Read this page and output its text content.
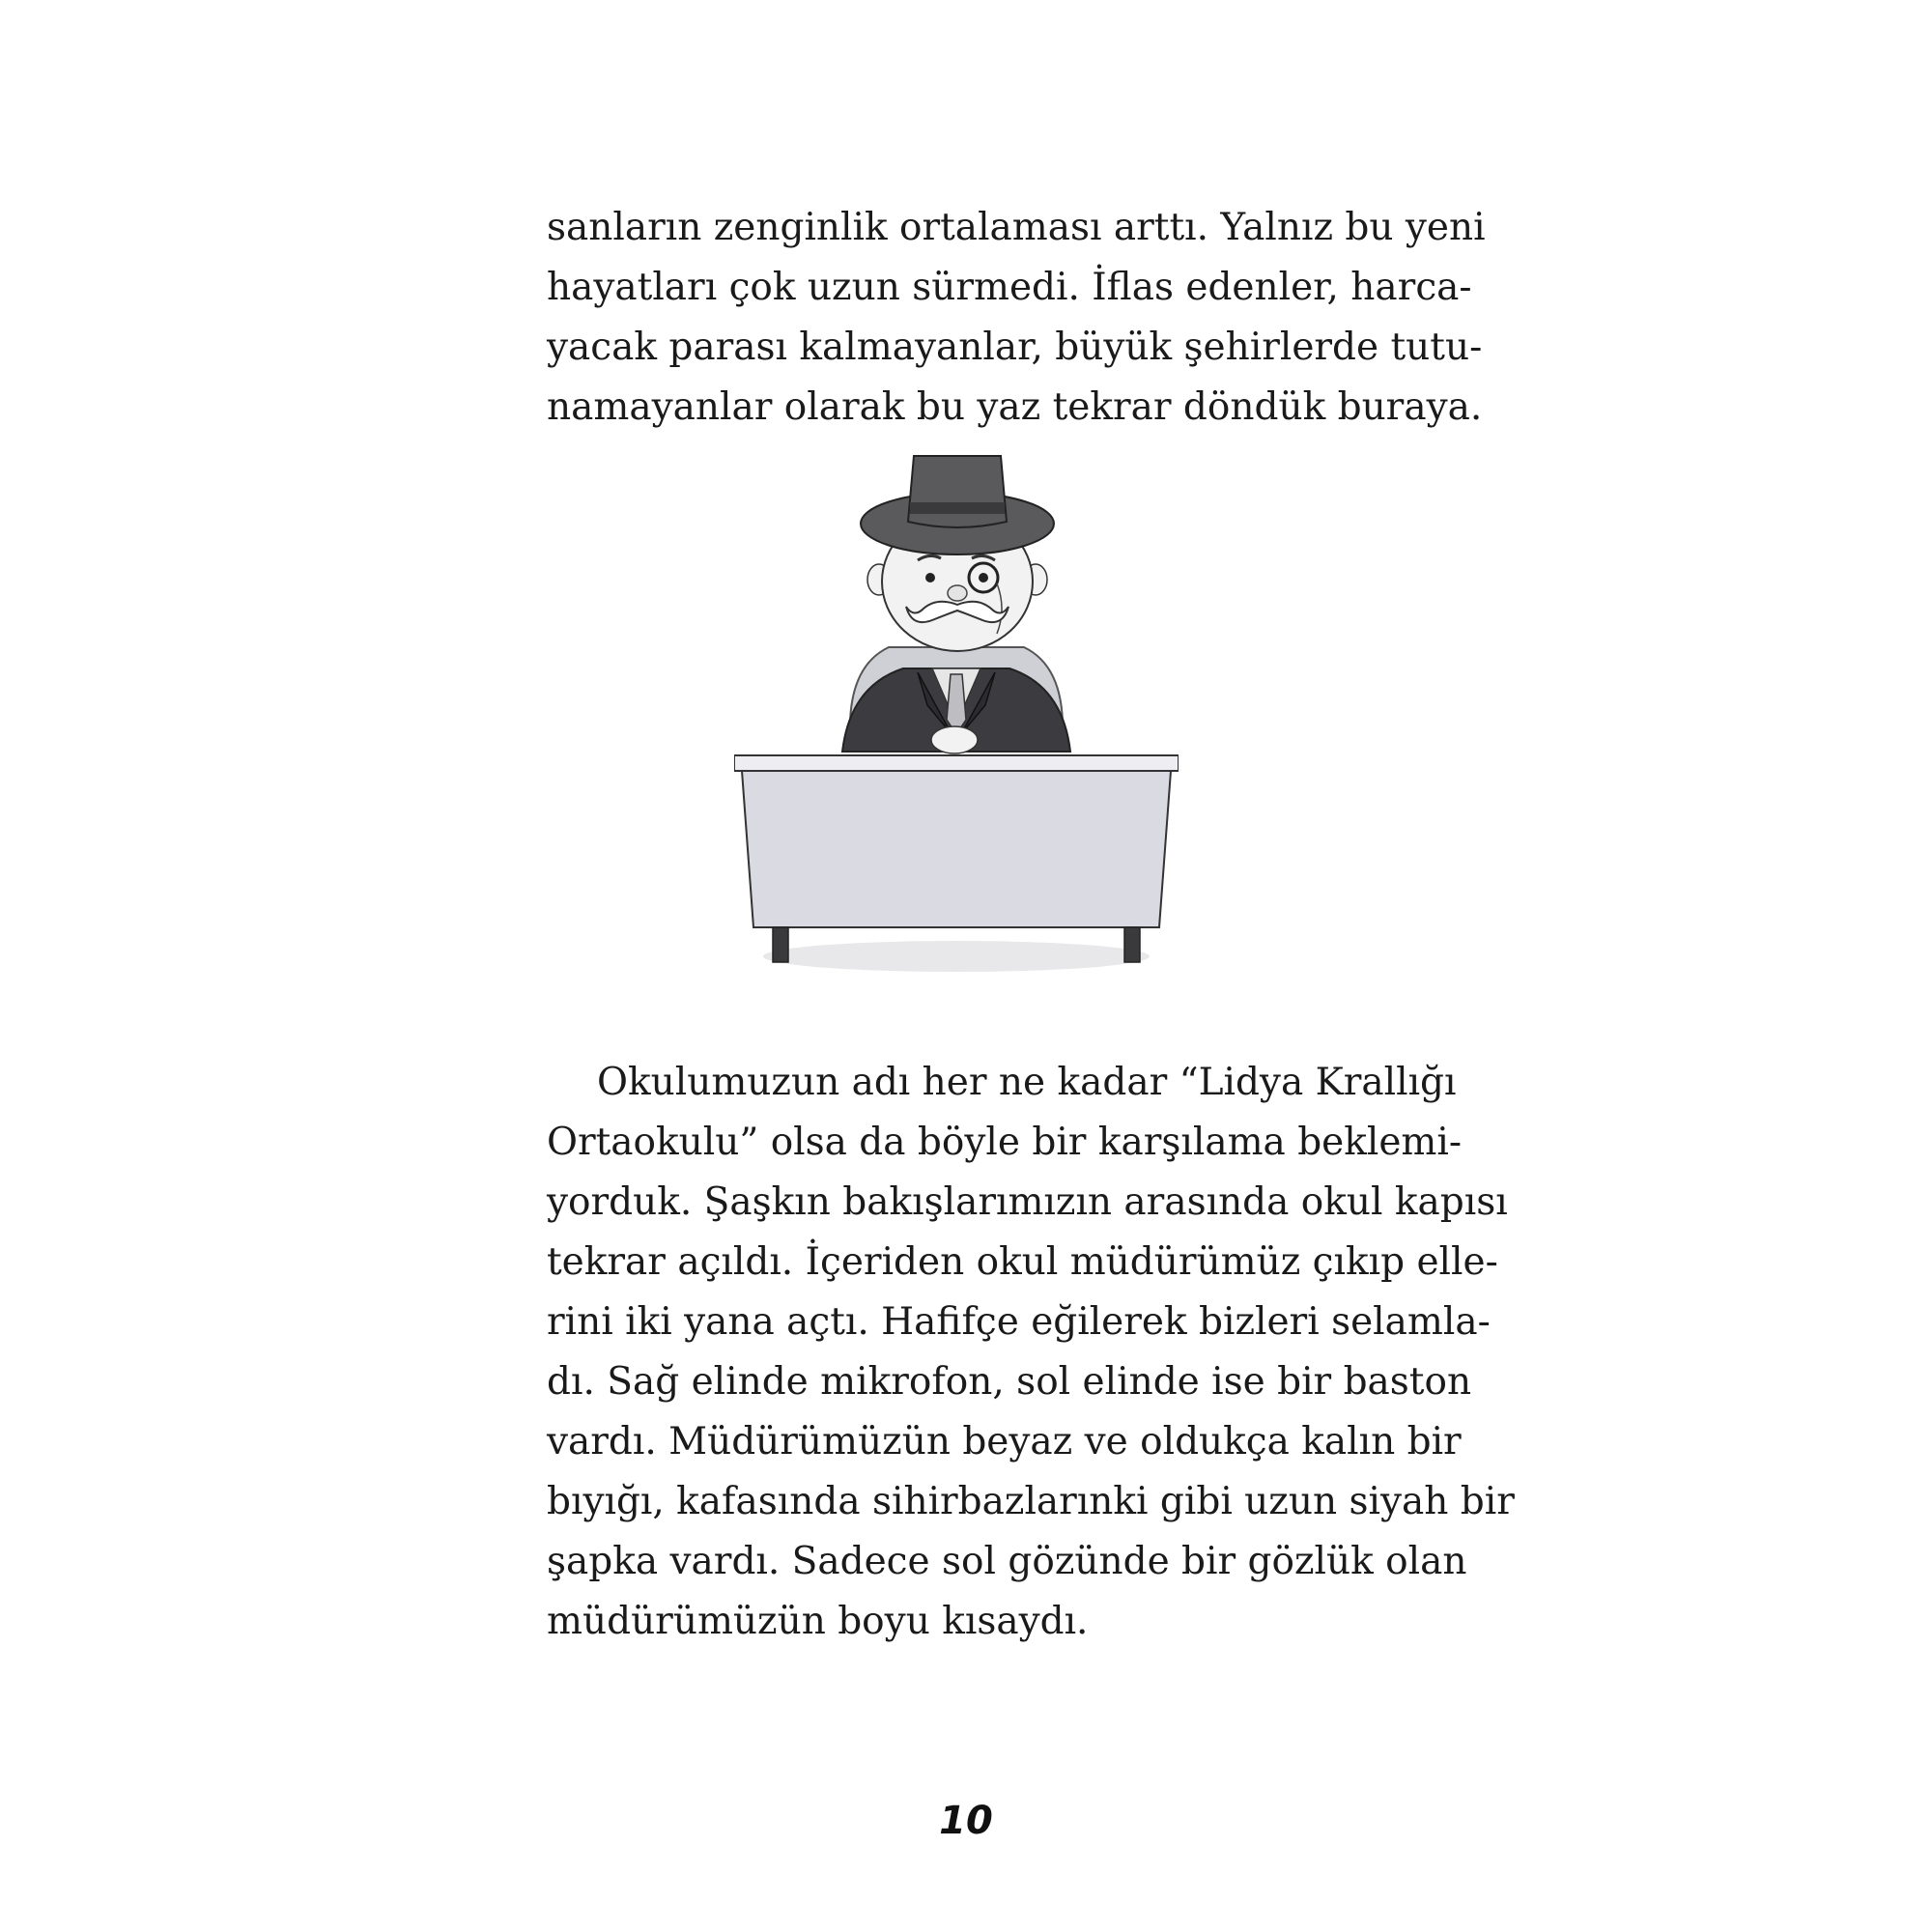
sanların zenginlik ortalaması arttı. Yalnız bu yeni
hayatları çok uzun sürmedi. İflas edenler, harca-
yacak parası kalmayanlar, büyük şehirlerde tutu-
namayanlar olarak bu yaz tekrar döndük buraya.
Okulumuzun adı her ne kadar “Lidya Krallığı
Ortaokulu” olsa da böyle bir karşılama beklemi-
yorduk. Şaşkın bakışlarımızın arasında okul kapısı
tekrar açıldı. İçeriden okul müdürümüz çıkıp elle-
rini iki yana açtı. Hafifçe eğilerek bizleri selamla-
dı. Sağ elinde mikrofon, sol elinde ise bir baston
vardı. Müdürümüzün beyaz ve oldukça kalın bir
bıyığı, kafasında sihirbazlarınki gibi uzun siyah bir
şapka vardı. Sadece sol gözünde bir gözlük olan
müdürümüzün boyu kısaydı.
10
